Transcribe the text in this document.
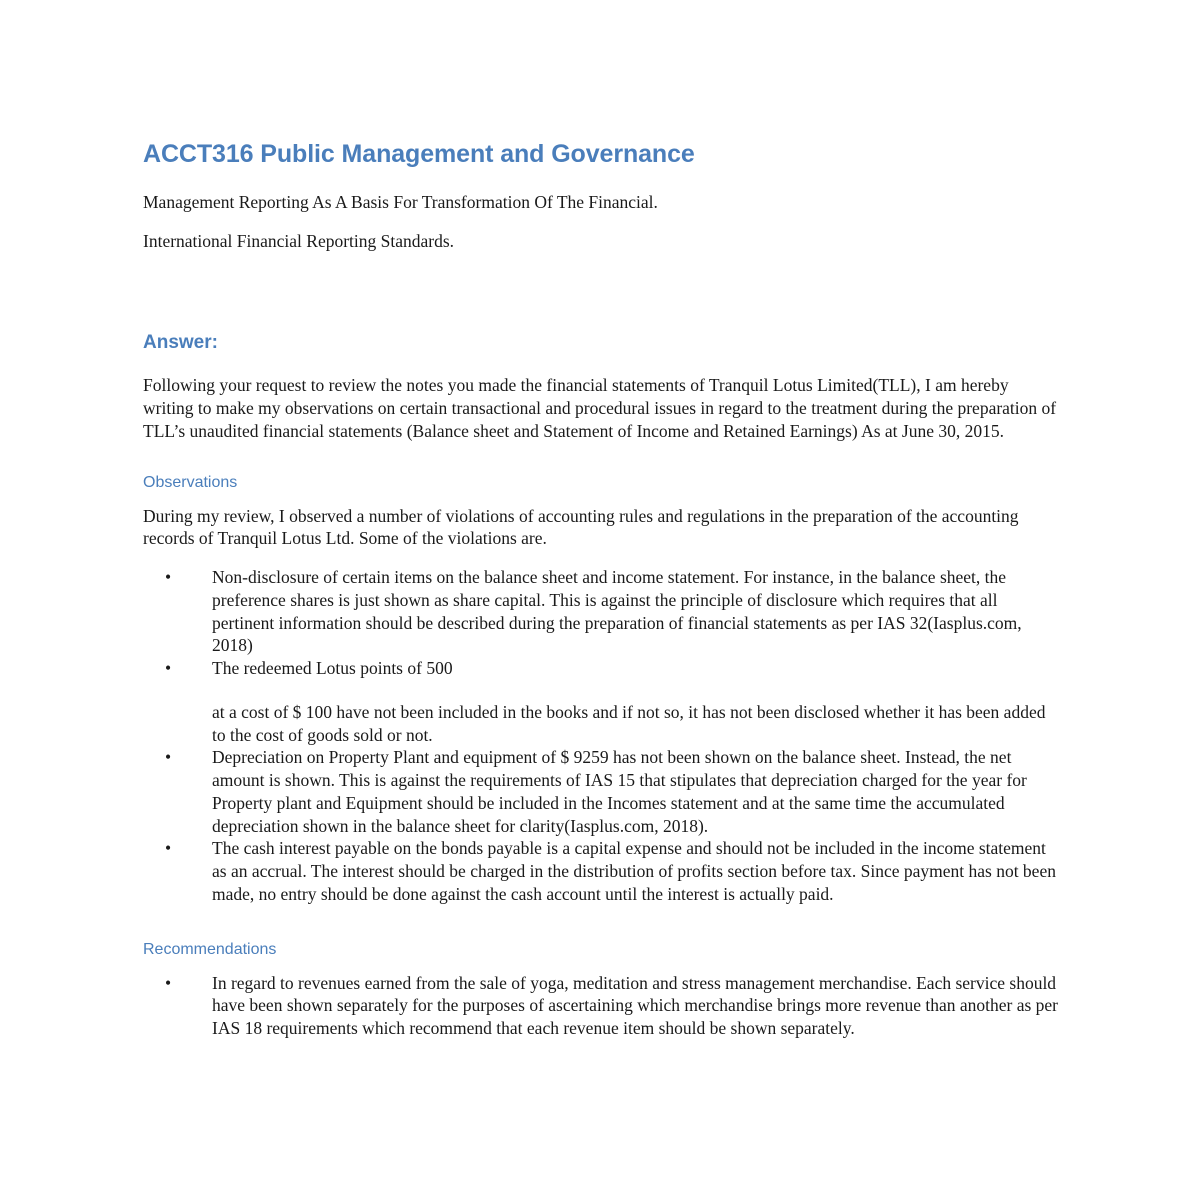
ACCT316 Public Management and Governance

Management Reporting As A Basis For Transformation Of The Financial.

International Financial Reporting Standards.

Answer:

Following your request to review the notes you made the financial statements of Tranquil Lotus Limited(TLL), I am hereby writing to make my observations on certain transactional and procedural issues in regard to the treatment during the preparation of TLL’s unaudited financial statements (Balance sheet and Statement of Income and Retained Earnings) As at June 30, 2015.

Observations

During my review, I observed a number of violations of accounting rules and regulations in the preparation of the accounting records of Tranquil Lotus Ltd. Some of the violations are.

• Non-disclosure of certain items on the balance sheet and income statement. For instance, in the balance sheet, the preference shares is just shown as share capital. This is against the principle of disclosure which requires that all pertinent information should be described during the preparation of financial statements as per IAS 32(Iasplus.com, 2018)
• The redeemed Lotus points of 500
at a cost of $ 100 have not been included in the books and if not so, it has not been disclosed whether it has been added to the cost of goods sold or not.
• Depreciation on Property Plant and equipment of $ 9259 has not been shown on the balance sheet. Instead, the net amount is shown. This is against the requirements of IAS 15 that stipulates that depreciation charged for the year for Property plant and Equipment should be included in the Incomes statement and at the same time the accumulated depreciation shown in the balance sheet for clarity(Iasplus.com, 2018).
• The cash interest payable on the bonds payable is a capital expense and should not be included in the income statement as an accrual. The interest should be charged in the distribution of profits section before tax. Since payment has not been made, no entry should be done against the cash account until the interest is actually paid.
Recommendations
• In regard to revenues earned from the sale of yoga, meditation and stress management merchandise. Each service should have been shown separately for the purposes of ascertaining which merchandise brings more revenue than another as per IAS 18 requirements which recommend that each revenue item should be shown separately.
